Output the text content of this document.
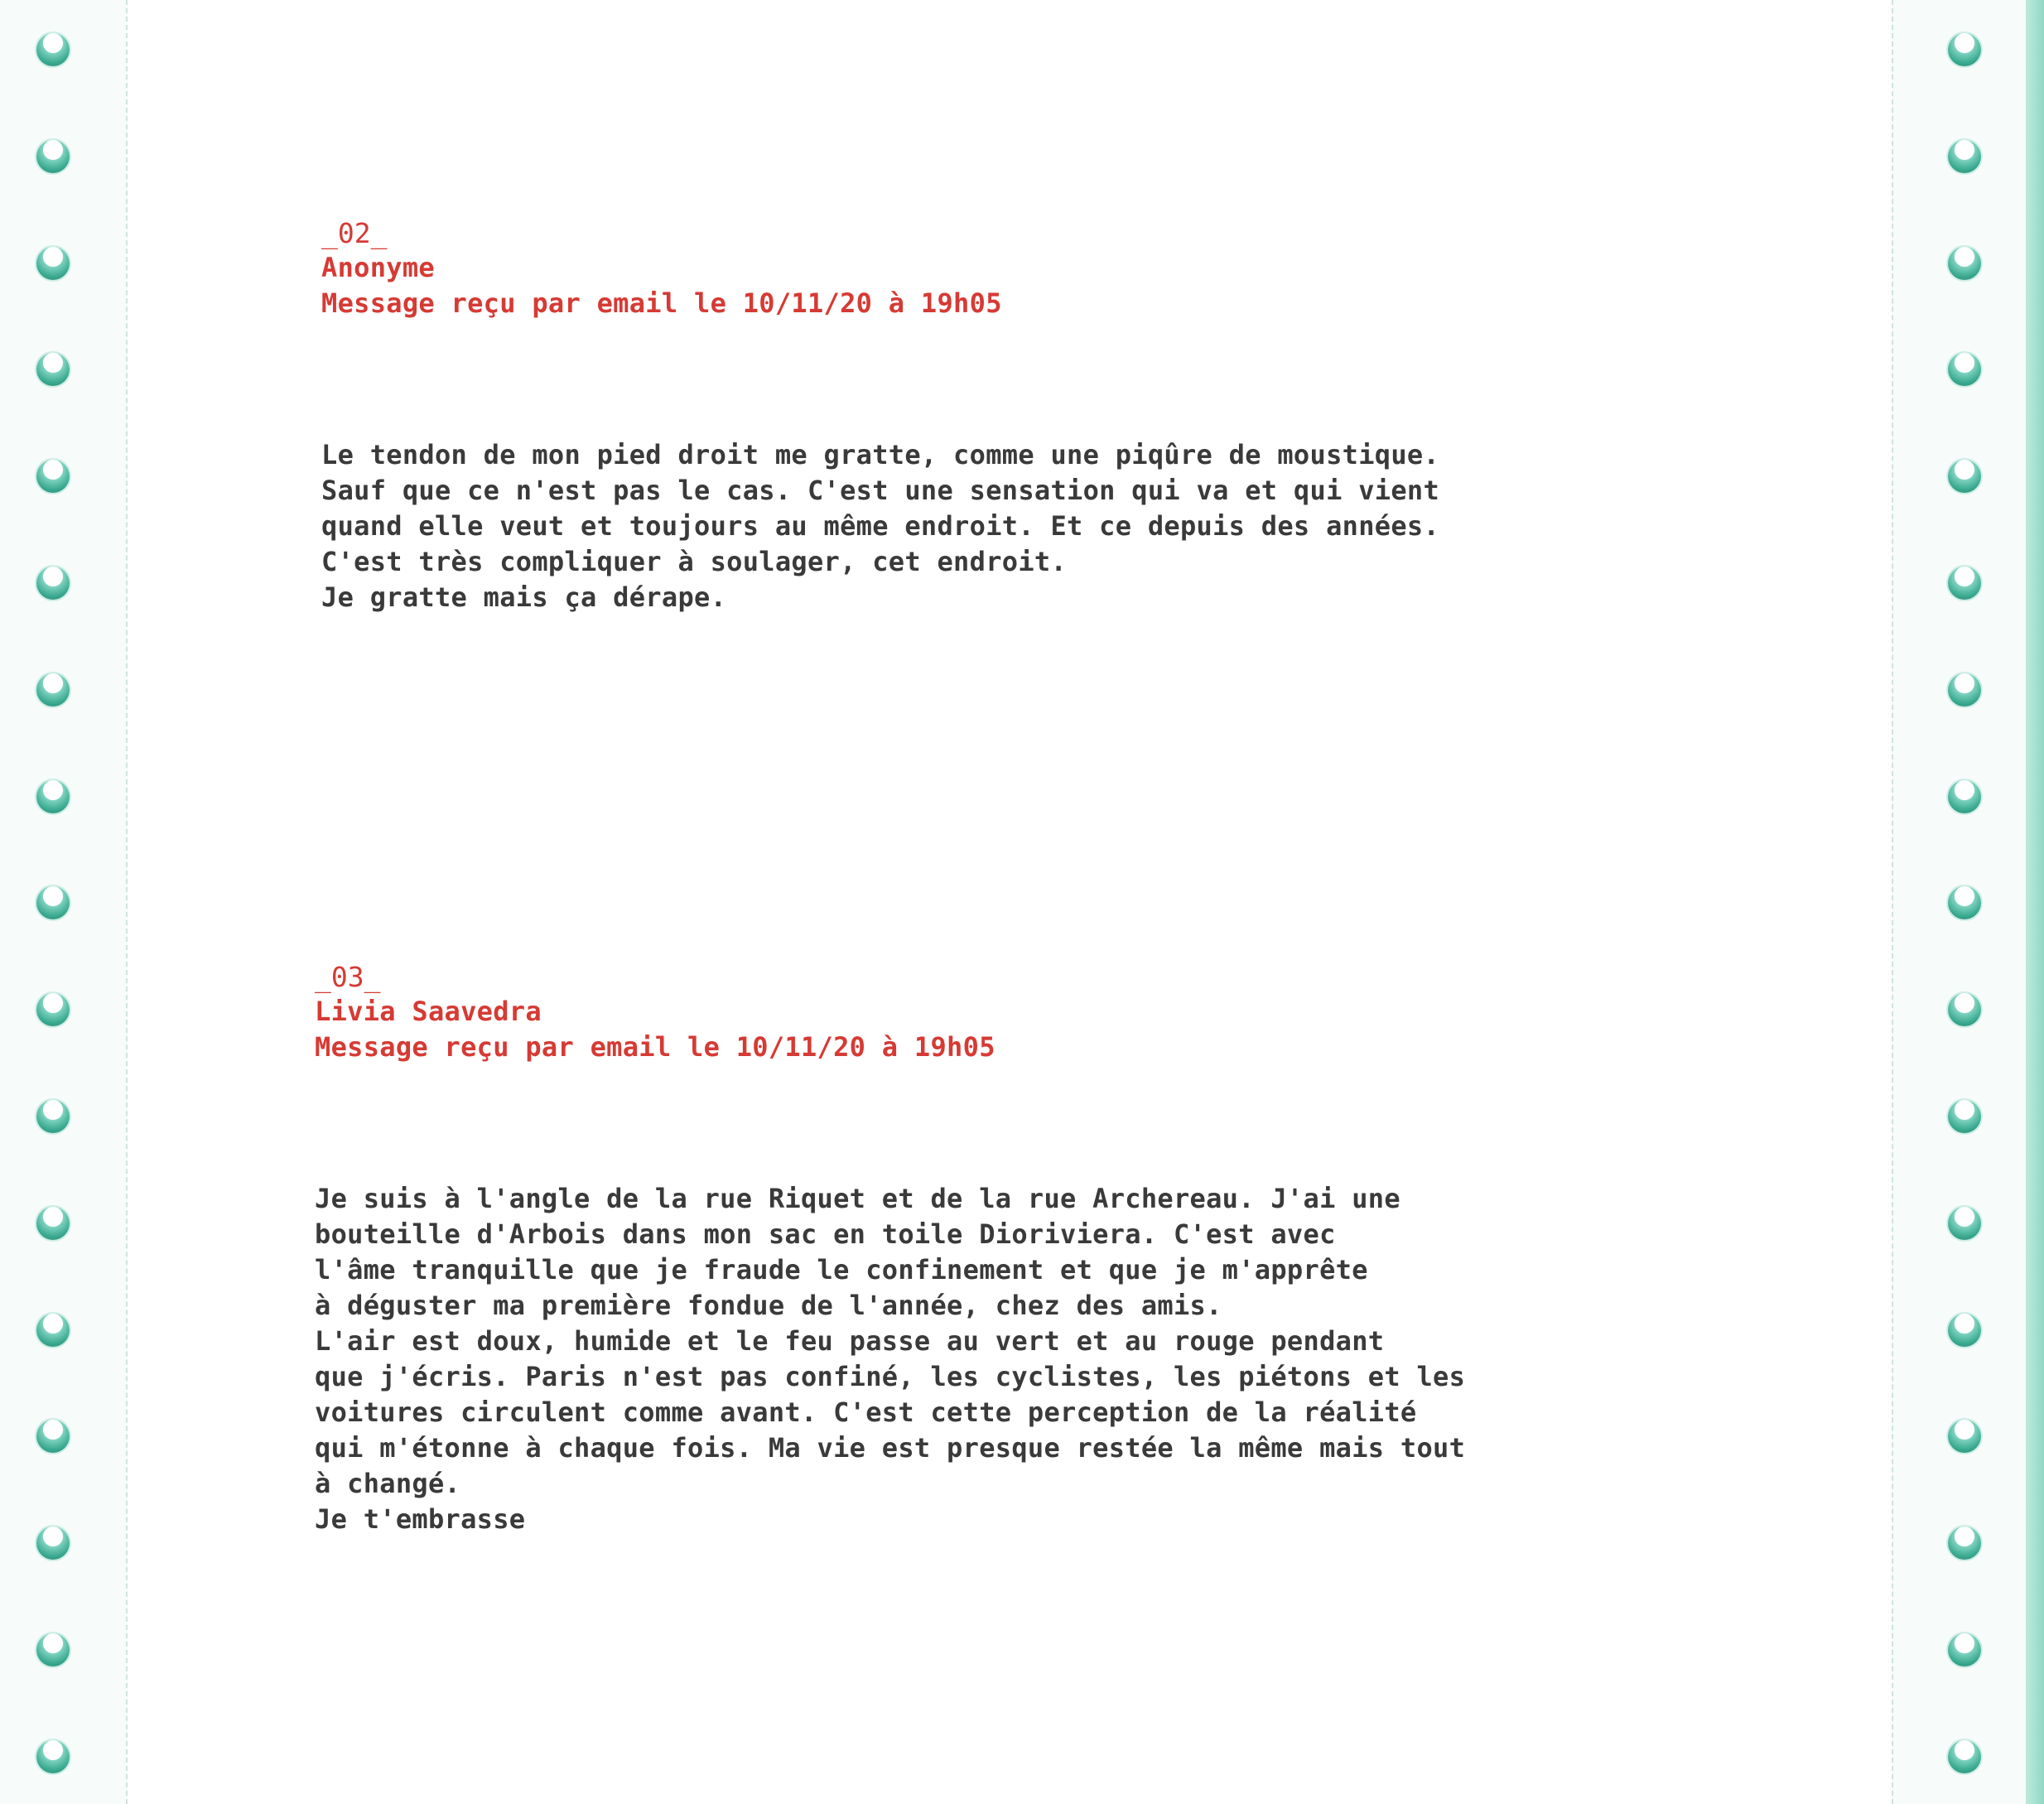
_02_
Anonyme
Message reçu par email le 10/11/20 à 19h05
Le tendon de mon pied droit me gratte, comme une piqûre de moustique.
Sauf que ce n'est pas le cas. C'est une sensation qui va et qui vient
quand elle veut et toujours au même endroit. Et ce depuis des années.
C'est très compliquer à soulager, cet endroit.
Je gratte mais ça dérape.
_03_
Livia Saavedra
Message reçu par email le 10/11/20 à 19h05
Je suis à l'angle de la rue Riquet et de la rue Archereau. J'ai une
bouteille d'Arbois dans mon sac en toile Dioriviera. C'est avec
l'âme tranquille que je fraude le confinement et que je m'apprête
à déguster ma première fondue de l'année, chez des amis.
L'air est doux, humide et le feu passe au vert et au rouge pendant
que j'écris. Paris n'est pas confiné, les cyclistes, les piétons et les
voitures circulent comme avant. C'est cette perception de la réalité
qui m'étonne à chaque fois. Ma vie est presque restée la même mais tout
à changé.
Je t'embrasse
